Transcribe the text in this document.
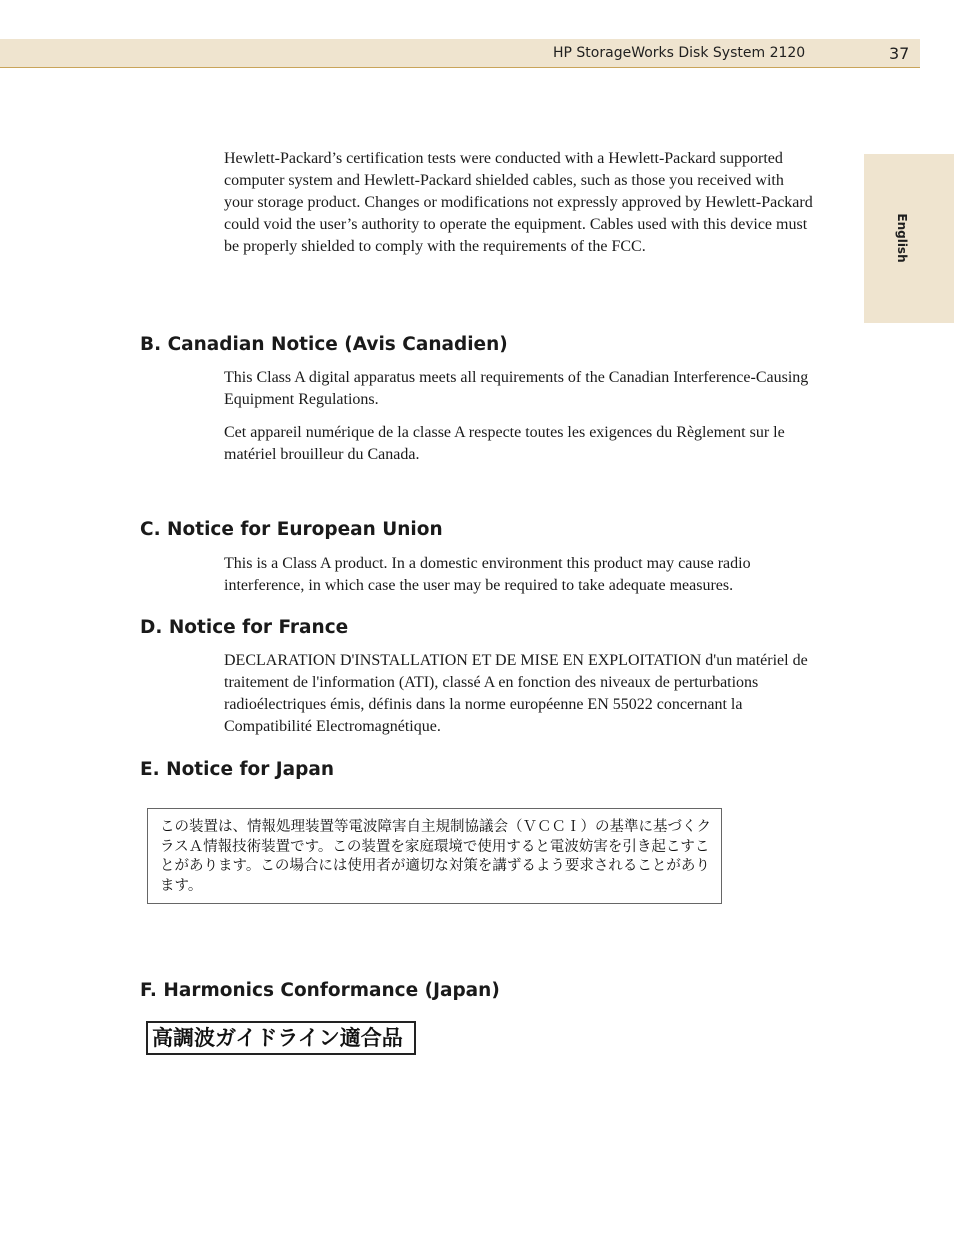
HP StorageWorks Disk System 2120	37
English

Hewlett-Packard’s certification tests were conducted with a Hewlett-Packard supported computer system and Hewlett-Packard shielded cables, such as those you received with your storage product. Changes or modifications not expressly approved by Hewlett-Packard could void the user’s authority to operate the equipment. Cables used with this device must be properly shielded to comply with the requirements of the FCC.

B. Canadian Notice (Avis Canadien)

This Class A digital apparatus meets all requirements of the Canadian Interference-Causing Equipment Regulations.

Cet appareil numérique de la classe A respecte toutes les exigences du Règlement sur le matériel brouilleur du Canada.

C. Notice for European Union

This is a Class A product. In a domestic environment this product may cause radio interference, in which case the user may be required to take adequate measures.

D. Notice for France

DECLARATION D'INSTALLATION ET DE MISE EN EXPLOITATION d'un matériel de traitement de l'information (ATI), classé A en fonction des niveaux de perturbations radioélectriques émis, définis dans la norme européenne EN 55022 concernant la Compatibilité Electromagnétique.

E. Notice for Japan
この装置は、情報処理装置等電波障害自主規制協議会（ＶＣＣＩ）の基準に基づくクラスＡ情報技術装置です。この装置を家庭環境で使用すると電波妨害を引き起こすことがあります。この場合には使用者が適切な対策を講ずるよう要求されることがあります。
F. Harmonics Conformance (Japan)
高調波ガイドライン適合品
